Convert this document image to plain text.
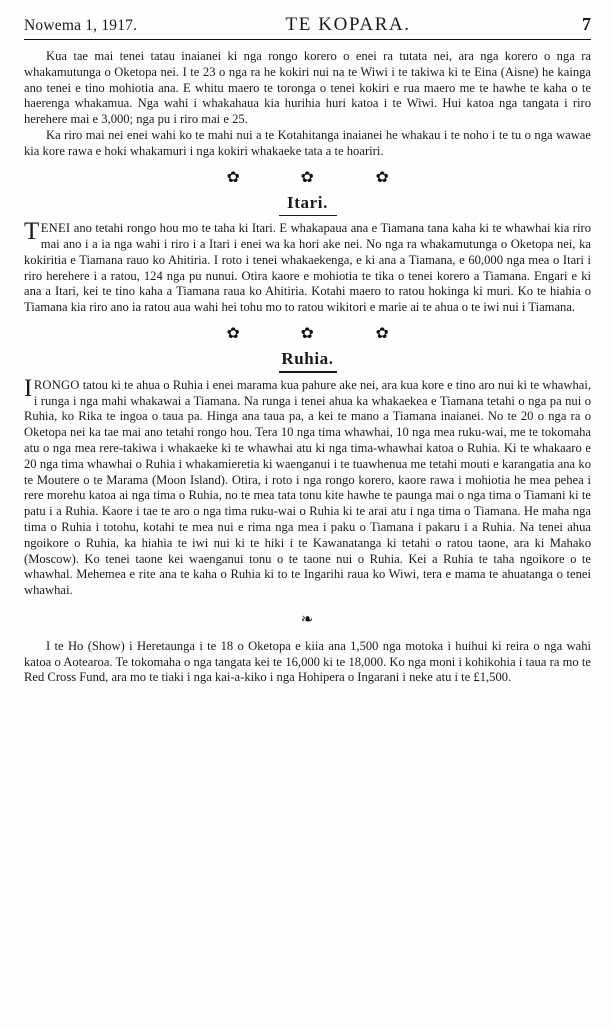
Nowema 1, 1917.	TE KOPARA.	7

Kua tae mai tenei tatau inaianei ki nga rongo korero o enei ra tutata nei, ara nga korero o nga ra whakamutunga o Oketopa nei. I te 23 o nga ra he kokiri nui na te Wiwi i te takiwa ki te Eina (Aisne) he kainga ano tenei e tino mohiotia ana. E whitu maero te toronga o tenei kokiri e rua maero me te hawhe te kaha o te haerenga whakamua. Nga wahi i whakahaua kia hurihia huri katoa i te Wiwi. Hui katoa nga tangata i riro herehere mai e 3,000; nga pu i riro mai e 25.

Ka riro mai nei enei wahi ko te mahi nui a te Kotahitanga inaianei he whakau i te noho i te tu o nga wawae kia kore rawa e hoki whakamuri i nga kokiri whakaeke tata a te hoariri.

✿	✿	✿
Itari.

TENEI ano tetahi rongo hou mo te taha ki Itari. E whakapaua ana e Tiamana tana kaha ki te whawhai kia riro mai ano i a ia nga wahi i riro i a Itari i enei wa ka hori ake nei. No nga ra whakamutunga o Oketopa nei, ka kokiritia e Tiamana rauo ko Ahitiria. I roto i tenei whakaekenga, e ki ana a Tiamana, e 60,000 nga mea o Itari i riro herehere i a ratou, 124 nga pu nunui. Otira kaore e mohiotia te tika o tenei korero a Tiamana. Engari e ki ana a Itari, kei te tino kaha a Tiamana raua ko Ahitiria. Kotahi maero to ratou hokinga ki muri. Ko te hiahia o Tiamana kia riro ano ia ratou aua wahi hei tohu mo to ratou wikitori e marie ai te ahua o te iwi nui i Tiamana.

✿	✿	✿
Ruhia.

I RONGO tatou ki te ahua o Ruhia i enei marama kua pahure ake nei, ara kua kore e tino aro nui ki te whawhai, i runga i nga mahi whakawai a Tiamana. Na runga i tenei ahua ka whakaekea e Tiamana tetahi o nga pa nui o Ruhia, ko Rika te ingoa o taua pa. Hinga ana taua pa, a kei te mano a Tiamana inaianei. No te 20 o nga ra o Oketopa nei ka tae mai ano tetahi rongo hou. Tera 10 nga tima whawhai, 10 nga mea ruku-wai, me te tokomaha atu o nga mea rere-takiwa i whakaeke ki te whawhai atu ki nga tima-whawhai katoa o Ruhia. Ki te whakaaro e 20 nga tima whawhai o Ruhia i whakamieretia ki waenganui i te tuawhenua me tetahi mouti e karangatia ana ko te Moutere o te Marama (Moon Island). Otira, i roto i nga rongo korero, kaore rawa i mohiotia he mea pehea i rere morehu katoa ai nga tima o Ruhia, no te mea tata tonu kite hawhe te paunga mai o nga tima o Tiamani ki te patu i a Ruhia. Kaore i tae te aro o nga tima ruku-wai o Ruhia ki te arai atu i nga tima o Tiamana. He maha nga tima o Ruhia i totohu, kotahi te mea nui e rima nga mea i paku o Tiamana i pakaru i a Ruhia. Na tenei ahua ngoikore o Ruhia, ka hiahia te iwi nui ki te hiki i te Kawanatanga ki tetahi o ratou taone, ara ki Mahako (Moscow). Ko tenei taone kei waenganui tonu o te taone nui o Ruhia. Kei a Ruhia te taha ngoikore o te whawhal. Mehemea e rite ana te kaha o Ruhia ki to te Ingarihi raua ko Wiwi, tera e mama te ahuatanga o tenei whawhai.

❧

I te Ho (Show) i Heretaunga i te 18 o Oketopa e kiia ana 1,500 nga motoka i huihui ki reira o nga wahi katoa o Aotearoa. Te tokomaha o nga tangata kei te 16,000 ki te 18,000. Ko nga moni i kohikohia i taua ra mo te Red Cross Fund, ara mo te tiaki i nga kai-a-kiko i nga Hohipera o Ingarani i neke atu i te £1,500.
